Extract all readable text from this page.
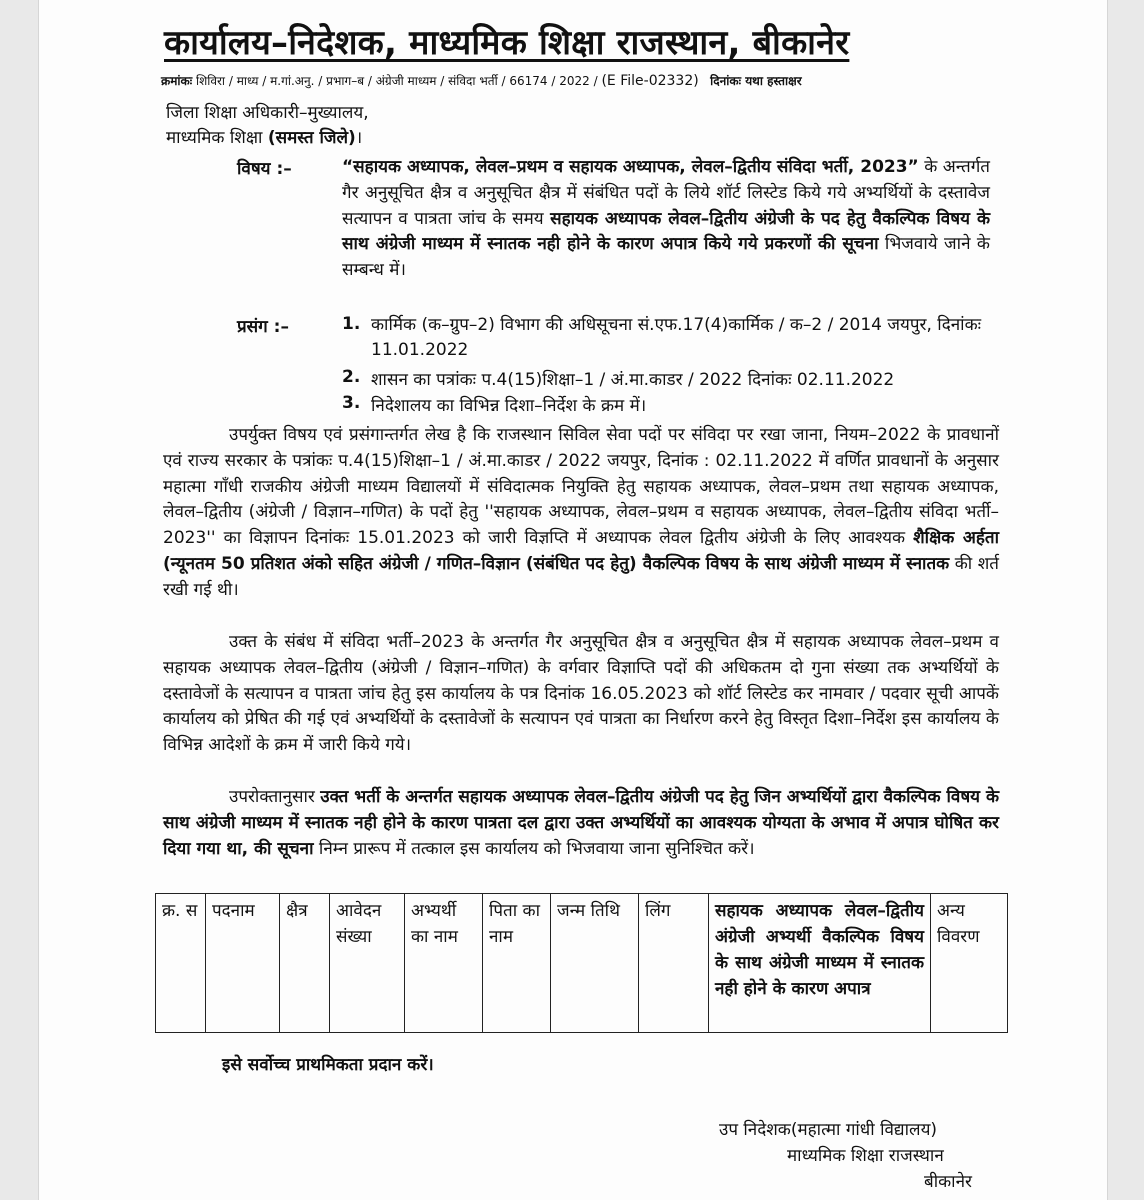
कार्यालय–निदेशक, माध्यमिक शिक्षा राजस्थान, बीकानेर
क्रमांकः शिविरा / माध्य / म.गां.अनु. / प्रभाग–ब / अंग्रेजी माध्यम / संविदा भर्ती / 66174 / 2022 / (E File-02332) दिनांकः यथा हस्ताक्षर
जिला शिक्षा अधिकारी–मुख्यालय,
माध्यमिक शिक्षा (समस्त जिले)।
विषय :–	“सहायक अध्यापक, लेवल–प्रथम व सहायक अध्यापक, लेवल–द्वितीय संविदा भर्ती, 2023” के अन्तर्गत गैर अनुसूचित क्षैत्र व अनुसूचित क्षैत्र में संबंधित पदों के लिये शॉर्ट लिस्टेड किये गये अभ्यर्थियों के दस्तावेज सत्यापन व पात्रता जांच के समय सहायक अध्यापक लेवल–द्वितीय अंग्रेजी के पद हेतु वैकल्पिक विषय के साथ अंग्रेजी माध्यम में स्नातक नही होने के कारण अपात्र किये गये प्रकरणों की सूचना भिजवाये जाने के सम्बन्ध में।
प्रसंग :–	1. कार्मिक (क–ग्रुप–2) विभाग की अधिसूचना सं.एफ.17(4)कार्मिक / क–2 / 2014 जयपुर, दिनांकः 11.01.2022
2. शासन का पत्रांकः प.4(15)शिक्षा–1 / अं.मा.काडर / 2022 दिनांकः 02.11.2022
3. निदेशालय का विभिन्न दिशा–निर्देश के क्रम में।
उपर्युक्त विषय एवं प्रसंगान्तर्गत लेख है कि राजस्थान सिविल सेवा पदों पर संविदा पर रखा जाना, नियम–2022 के प्रावधानों एवं राज्य सरकार के पत्रांकः प.4(15)शिक्षा–1 / अं.मा.काडर / 2022 जयपुर, दिनांक : 02.11.2022 में वर्णित प्रावधानों के अनुसार महात्मा गाँधी राजकीय अंग्रेजी माध्यम विद्यालयों में संविदात्मक नियुक्ति हेतु सहायक अध्यापक, लेवल–प्रथम तथा सहायक अध्यापक, लेवल–द्वितीय (अंग्रेजी / विज्ञान–गणित) के पदों हेतु ''सहायक अध्यापक, लेवल–प्रथम व सहायक अध्यापक, लेवल–द्वितीय संविदा भर्ती–2023'' का विज्ञापन दिनांकः 15.01.2023 को जारी विज्ञप्ति में अध्यापक लेवल द्वितीय अंग्रेजी के लिए आवश्यक शैक्षिक अर्हता (न्यूनतम 50 प्रतिशत अंको सहित अंग्रेजी / गणित–विज्ञान (संबंधित पद हेतु) वैकल्पिक विषय के साथ अंग्रेजी माध्यम में स्नातक की शर्त रखी गई थी।
उक्त के संबंध में संविदा भर्ती–2023 के अन्तर्गत गैर अनुसूचित क्षैत्र व अनुसूचित क्षैत्र में सहायक अध्यापक लेवल–प्रथम व सहायक अध्यापक लेवल–द्वितीय (अंग्रेजी / विज्ञान–गणित) के वर्गवार विज्ञाप्ति पदों की अधिकतम दो गुना संख्या तक अभ्यर्थियों के दस्तावेजों के सत्यापन व पात्रता जांच हेतु इस कार्यालय के पत्र दिनांक 16.05.2023 को शॉर्ट लिस्टेड कर नामवार / पदवार सूची आपकें कार्यालय को प्रेषित की गई एवं अभ्यर्थियों के दस्तावेजों के सत्यापन एवं पात्रता का निर्धारण करने हेतु विस्तृत दिशा–निर्देश इस कार्यालय के विभिन्न आदेशों के क्रम में जारी किये गये।
उपरोक्तानुसार उक्त भर्ती के अन्तर्गत सहायक अध्यापक लेवल–द्वितीय अंग्रेजी पद हेतु जिन अभ्यर्थियों द्वारा वैकल्पिक विषय के साथ अंग्रेजी माध्यम में स्नातक नही होने के कारण पात्रता दल द्वारा उक्त अभ्यर्थियों का आवश्यक योग्यता के अभाव में अपात्र घोषित कर दिया गया था, की सूचना निम्न प्रारूप में तत्काल इस कार्यालय को भिजवाया जाना सुनिश्चित करें।
क्र. स	पदनाम	क्षैत्र	आवेदन संख्या	अभ्यर्थी का नाम	पिता का नाम	जन्म तिथि	लिंग	सहायक अध्यापक लेवल–द्वितीय अंग्रेजी अभ्यर्थी वैकल्पिक विषय के साथ अंग्रेजी माध्यम में स्नातक नही होने के कारण अपात्र	अन्य विवरण
इसे सर्वोच्च प्राथमिकता प्रदान करें।
उप निदेशक(महात्मा गांधी विद्यालय)
माध्यमिक शिक्षा राजस्थान
बीकानेर
